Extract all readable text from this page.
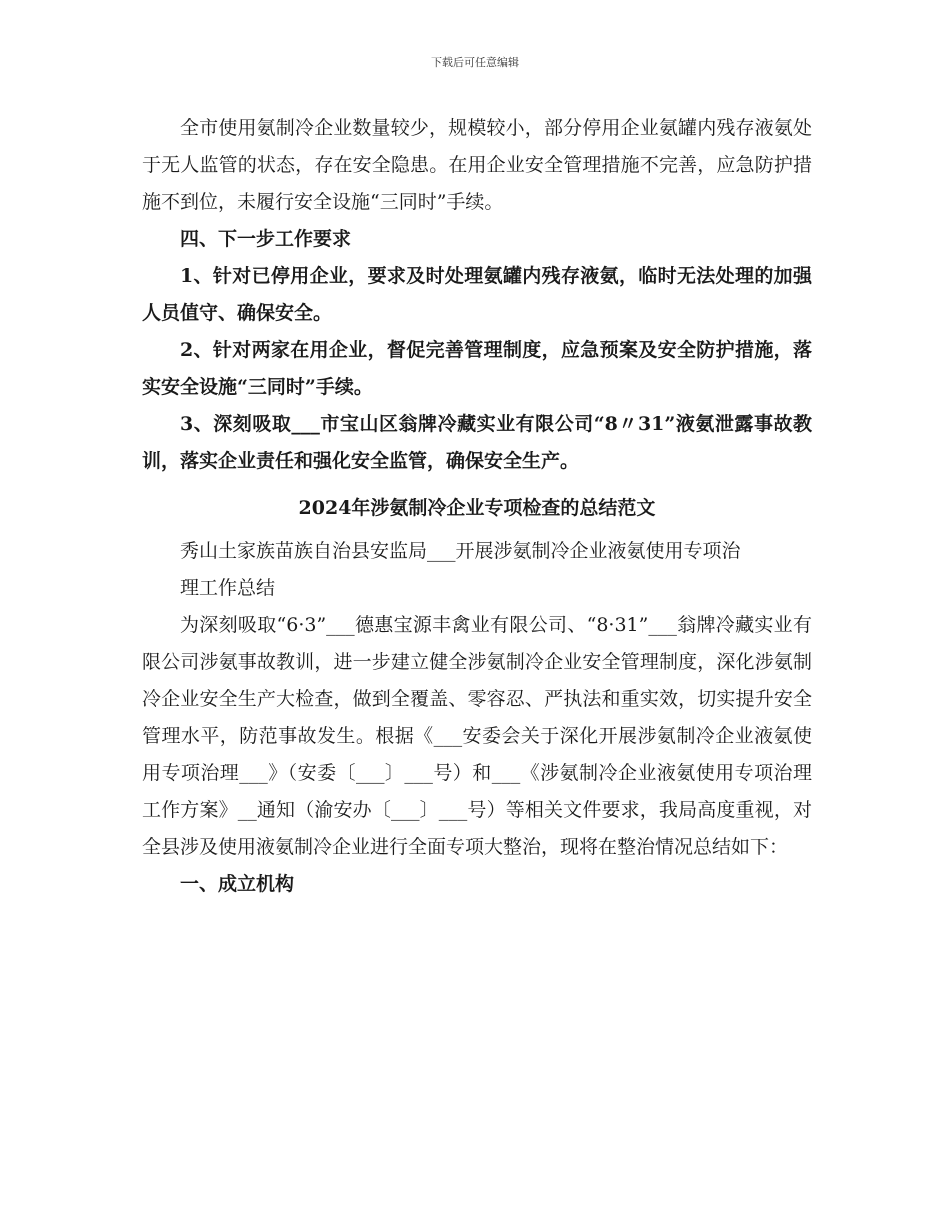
下载后可任意编辑

全市使用氨制冷企业数量较少，规模较小，部分停用企业氨罐内残存液氨处于无人监管的状态，存在安全隐患。在用企业安全管理措施不完善，应急防护措施不到位，未履行安全设施“三同时”手续。

四、下一步工作要求

1、针对已停用企业，要求及时处理氨罐内残存液氨，临时无法处理的加强人员值守、确保安全。

2、针对两家在用企业，督促完善管理制度，应急预案及安全防护措施，落实安全设施“三同时”手续。

3、深刻吸取___市宝山区翁牌冷藏实业有限公司“8〃31”液氨泄露事故教训，落实企业责任和强化安全监管，确保安全生产。

2024年涉氨制冷企业专项检查的总结范文

秀山土家族苗族自治县安监局___开展涉氨制冷企业液氨使用专项治

理工作总结

为深刻吸取“6·3”___德惠宝源丰禽业有限公司、“8·31”___翁牌冷藏实业有限公司涉氨事故教训，进一步建立健全涉氨制冷企业安全管理制度，深化涉氨制冷企业安全生产大检查，做到全覆盖、零容忍、严执法和重实效，切实提升安全管理水平，防范事故发生。根据《___安委会关于深化开展涉氨制冷企业液氨使用专项治理___》（安委〔___〕___号）和___《涉氨制冷企业液氨使用专项治理工作方案》__通知（渝安办〔___〕___号）等相关文件要求，我局高度重视，对全县涉及使用液氨制冷企业进行全面专项大整治，现将在整治情况总结如下：

一、成立机构
